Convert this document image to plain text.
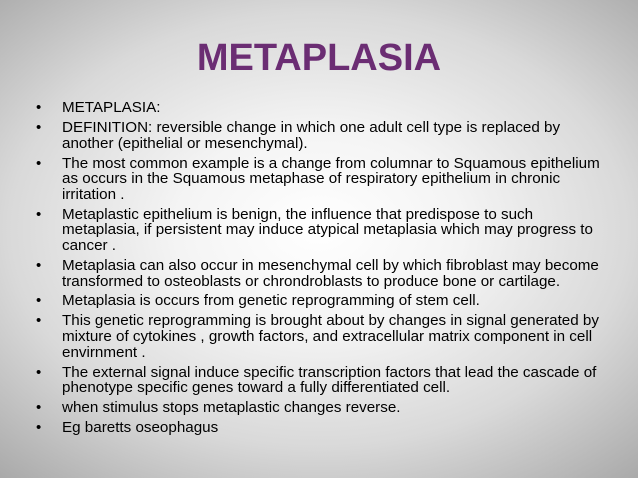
METAPLASIA
• METAPLASIA:
• DEFINITION: reversible change in which one adult cell type is replaced by another (epithelial or mesenchymal).
• The most common example is a change from columnar to Squamous epithelium as occurs in the Squamous metaphase of respiratory epithelium in chronic irritation .
• Metaplastic epithelium is benign, the influence that predispose to such metaplasia, if persistent may induce atypical metaplasia which may progress to cancer .
• Metaplasia can also occur in mesenchymal cell by which fibroblast may become transformed to osteoblasts or chrondroblasts to produce bone or cartilage.
• Metaplasia is occurs from genetic reprogramming of stem cell.
• This genetic reprogramming is brought about by changes in signal generated by mixture of cytokines , growth factors, and extracellular matrix component in cell envirnment .
• The external signal induce specific transcription factors that lead the cascade of phenotype specific genes toward a fully differentiated cell.
• when stimulus stops metaplastic changes reverse.
• Eg baretts oseophagus
